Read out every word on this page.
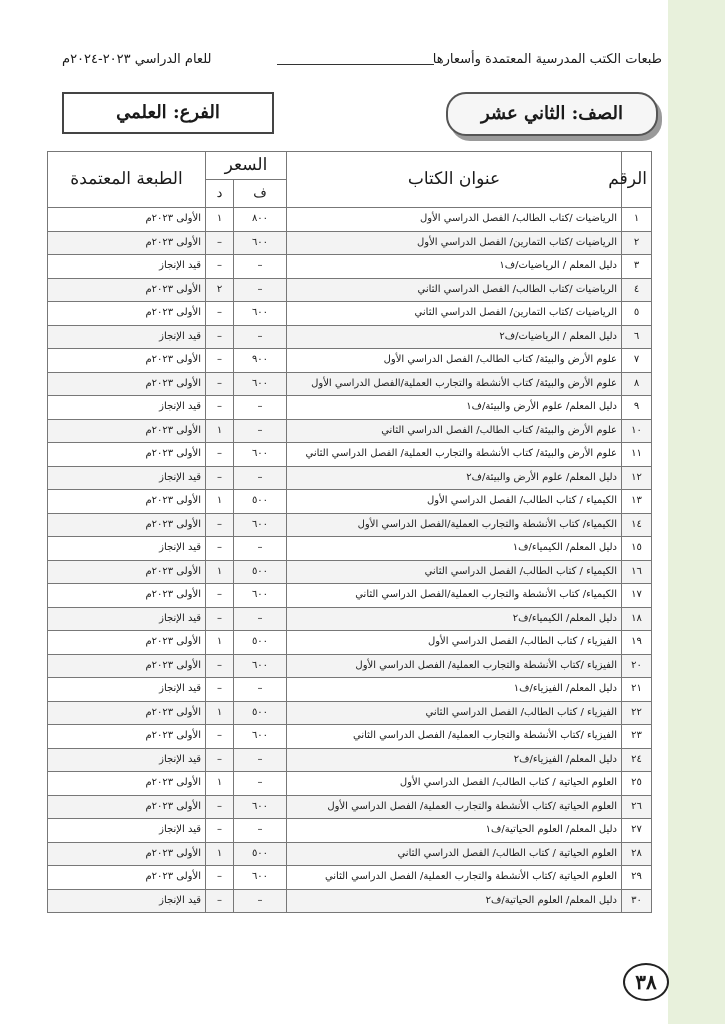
طبعات الكتب المدرسية المعتمدة وأسعارها
للعام الدراسي ٢٠٢٣-٢٠٢٤م
الصف: الثاني عشر
الفرع: العلمي
الرقم	عنوان الكتاب	السعر		الطبعة المعتمدة
		ف	د	
١	الرياضيات /كتاب الطالب/ الفصل الدراسي الأول	٨٠٠	١	الأولى ٢٠٢٣م
٢	الرياضيات /كتاب التمارين/ الفصل الدراسي الأول	٦٠٠	–	الأولى ٢٠٢٣م
٣	دليل المعلم / الرياضيات/ف١	–	–	قيد الإنجاز
٤	الرياضيات /كتاب الطالب/ الفصل الدراسي الثاني	–	٢	الأولى ٢٠٢٣م
٥	الرياضيات /كتاب التمارين/ الفصل الدراسي الثاني	٦٠٠	–	الأولى ٢٠٢٣م
٦	دليل المعلم / الرياضيات/ف٢	–	–	قيد الإنجاز
٧	علوم الأرض والبيئة/ كتاب الطالب/ الفصل الدراسي الأول	٩٠٠	–	الأولى ٢٠٢٣م
٨	علوم الأرض والبيئة/ كتاب الأنشطة والتجارب العملية/الفصل الدراسي الأول	٦٠٠	–	الأولى ٢٠٢٣م
٩	دليل المعلم/ علوم الأرض والبيئة/ف١	–	–	قيد الإنجاز
١٠	علوم الأرض والبيئة/ كتاب الطالب/ الفصل الدراسي الثاني	–	١	الأولى ٢٠٢٣م
١١	علوم الأرض والبيئة/ كتاب الأنشطة والتجارب العملية/ الفصل الدراسي الثاني	٦٠٠	–	الأولى ٢٠٢٣م
١٢	دليل المعلم/ علوم الأرض والبيئة/ف٢	–	–	قيد الإنجاز
١٣	الكيمياء / كتاب الطالب/ الفصل الدراسي الأول	٥٠٠	١	الأولى ٢٠٢٣م
١٤	الكيمياء/ كتاب الأنشطة والتجارب العملية/الفصل الدراسي الأول	٦٠٠	–	الأولى ٢٠٢٣م
١٥	دليل المعلم/ الكيمياء/ف١	–	–	قيد الإنجاز
١٦	الكيمياء / كتاب الطالب/ الفصل الدراسي الثاني	٥٠٠	١	الأولى ٢٠٢٣م
١٧	الكيمياء/ كتاب الأنشطة والتجارب العملية/الفصل الدراسي الثاني	٦٠٠	–	الأولى ٢٠٢٣م
١٨	دليل المعلم/ الكيمياء/ف٢	–	–	قيد الإنجاز
١٩	الفيزياء / كتاب الطالب/ الفصل الدراسي الأول	٥٠٠	١	الأولى ٢٠٢٣م
٢٠	الفيزياء /كتاب الأنشطة والتجارب العملية/ الفصل الدراسي الأول	٦٠٠	–	الأولى ٢٠٢٣م
٢١	دليل المعلم/ الفيزياء/ف١	–	–	قيد الإنجاز
٢٢	الفيزياء / كتاب الطالب/ الفصل الدراسي الثاني	٥٠٠	١	الأولى ٢٠٢٣م
٢٣	الفيزياء /كتاب الأنشطة والتجارب العملية/ الفصل الدراسي الثاني	٦٠٠	–	الأولى ٢٠٢٣م
٢٤	دليل المعلم/ الفيزياء/ف٢	–	–	قيد الإنجاز
٢٥	العلوم الحياتية / كتاب الطالب/ الفصل الدراسي الأول	–	١	الأولى ٢٠٢٣م
٢٦	العلوم الحياتية /كتاب الأنشطة والتجارب العملية/ الفصل الدراسي الأول	٦٠٠	–	الأولى ٢٠٢٣م
٢٧	دليل المعلم/ العلوم الحياتية/ف١	–	–	قيد الإنجاز
٢٨	العلوم الحياتية / كتاب الطالب/ الفصل الدراسي الثاني	٥٠٠	١	الأولى ٢٠٢٣م
٢٩	العلوم الحياتية /كتاب الأنشطة والتجارب العملية/ الفصل الدراسي الثاني	٦٠٠	–	الأولى ٢٠٢٣م
٣٠	دليل المعلم/ العلوم الحياتية/ف٢	–	–	قيد الإنجاز
٣٨
